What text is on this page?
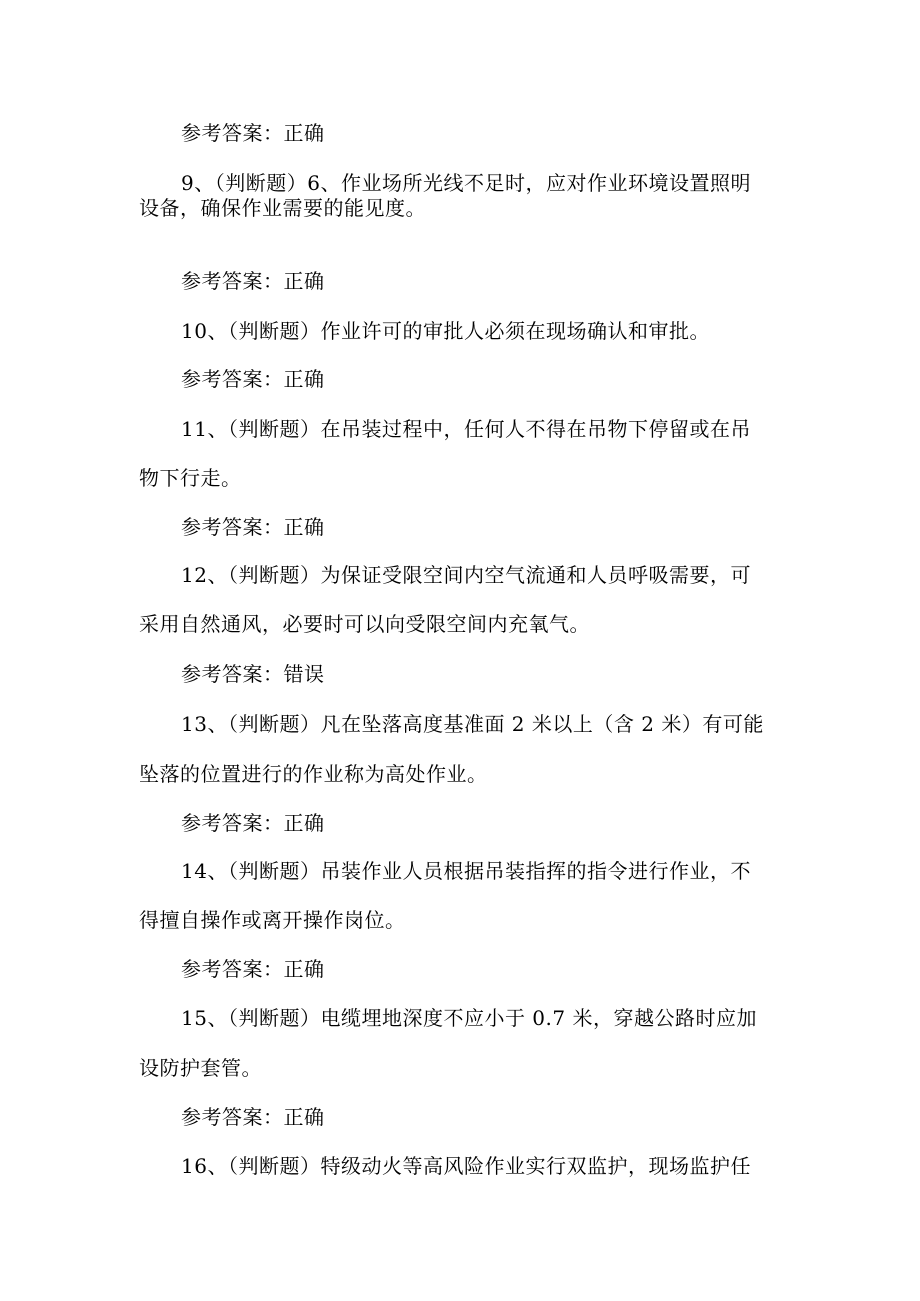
参考答案：正确
9、（判断题）6、作业场所光线不足时，应对作业环境设置照明
设备，确保作业需要的能见度。
参考答案：正确
10、（判断题）作业许可的审批人必须在现场确认和审批。
参考答案：正确
11、（判断题）在吊装过程中，任何人不得在吊物下停留或在吊
物下行走。
参考答案：正确
12、（判断题）为保证受限空间内空气流通和人员呼吸需要，可
采用自然通风，必要时可以向受限空间内充氧气。
参考答案：错误
13、（判断题）凡在坠落高度基准面 2 米以上（含 2 米）有可能
坠落的位置进行的作业称为高处作业。
参考答案：正确
14、（判断题）吊装作业人员根据吊装指挥的指令进行作业，不
得擅自操作或离开操作岗位。
参考答案：正确
15、（判断题）电缆埋地深度不应小于 0.7 米，穿越公路时应加
设防护套管。
参考答案：正确
16、（判断题）特级动火等高风险作业实行双监护，现场监护任
